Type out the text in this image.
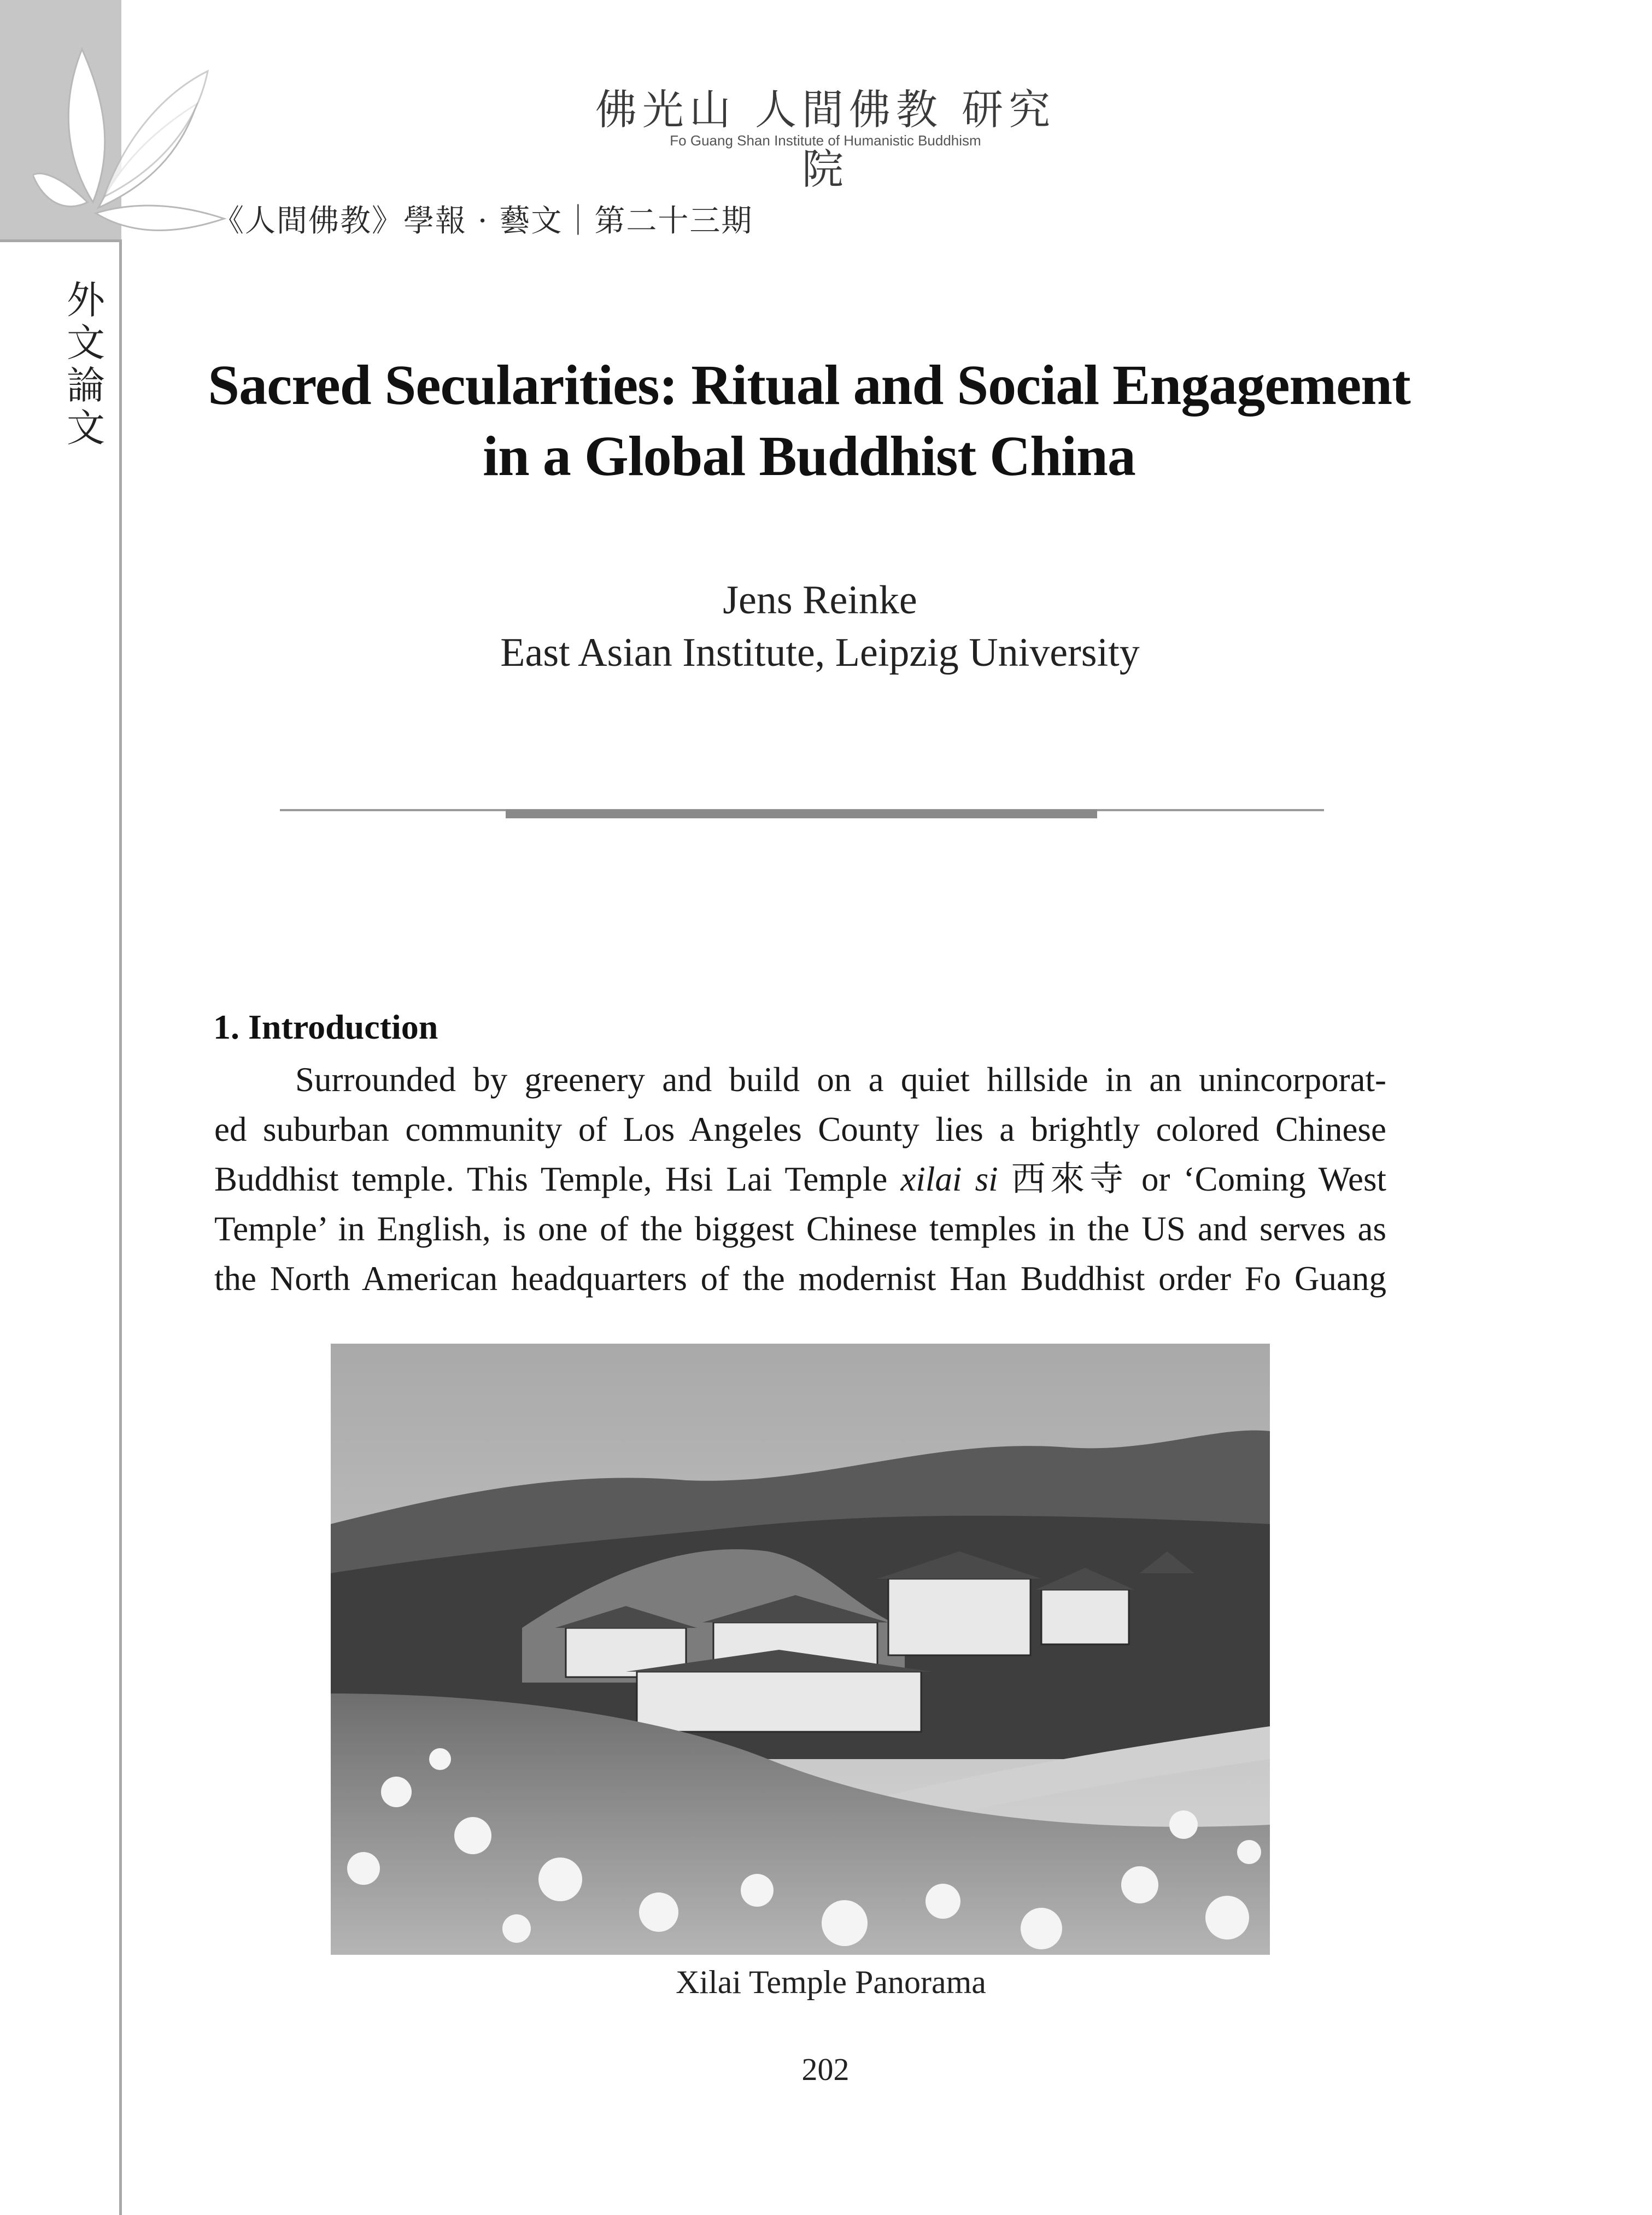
外
文
論
文
佛光山 人間佛教 研究院
Fo Guang Shan Institute of Humanistic Buddhism
《人間佛教》學報 · 藝文｜第二十三期
Sacred Secularities: Ritual and Social Engagement
in a Global Buddhist China
Jens Reinke
East Asian Institute, Leipzig University
1. Introduction
Surrounded by greenery and build on a quiet hillside in an unincorporat-
ed suburban community of Los Angeles County lies a brightly colored Chinese
Buddhist temple. This Temple, Hsi Lai Temple xilai si 西來寺 or ‘Coming West
Temple’ in English, is one of the biggest Chinese temples in the US and serves as
the North American headquarters of the modernist Han Buddhist order Fo Guang
Xilai Temple Panorama
202
